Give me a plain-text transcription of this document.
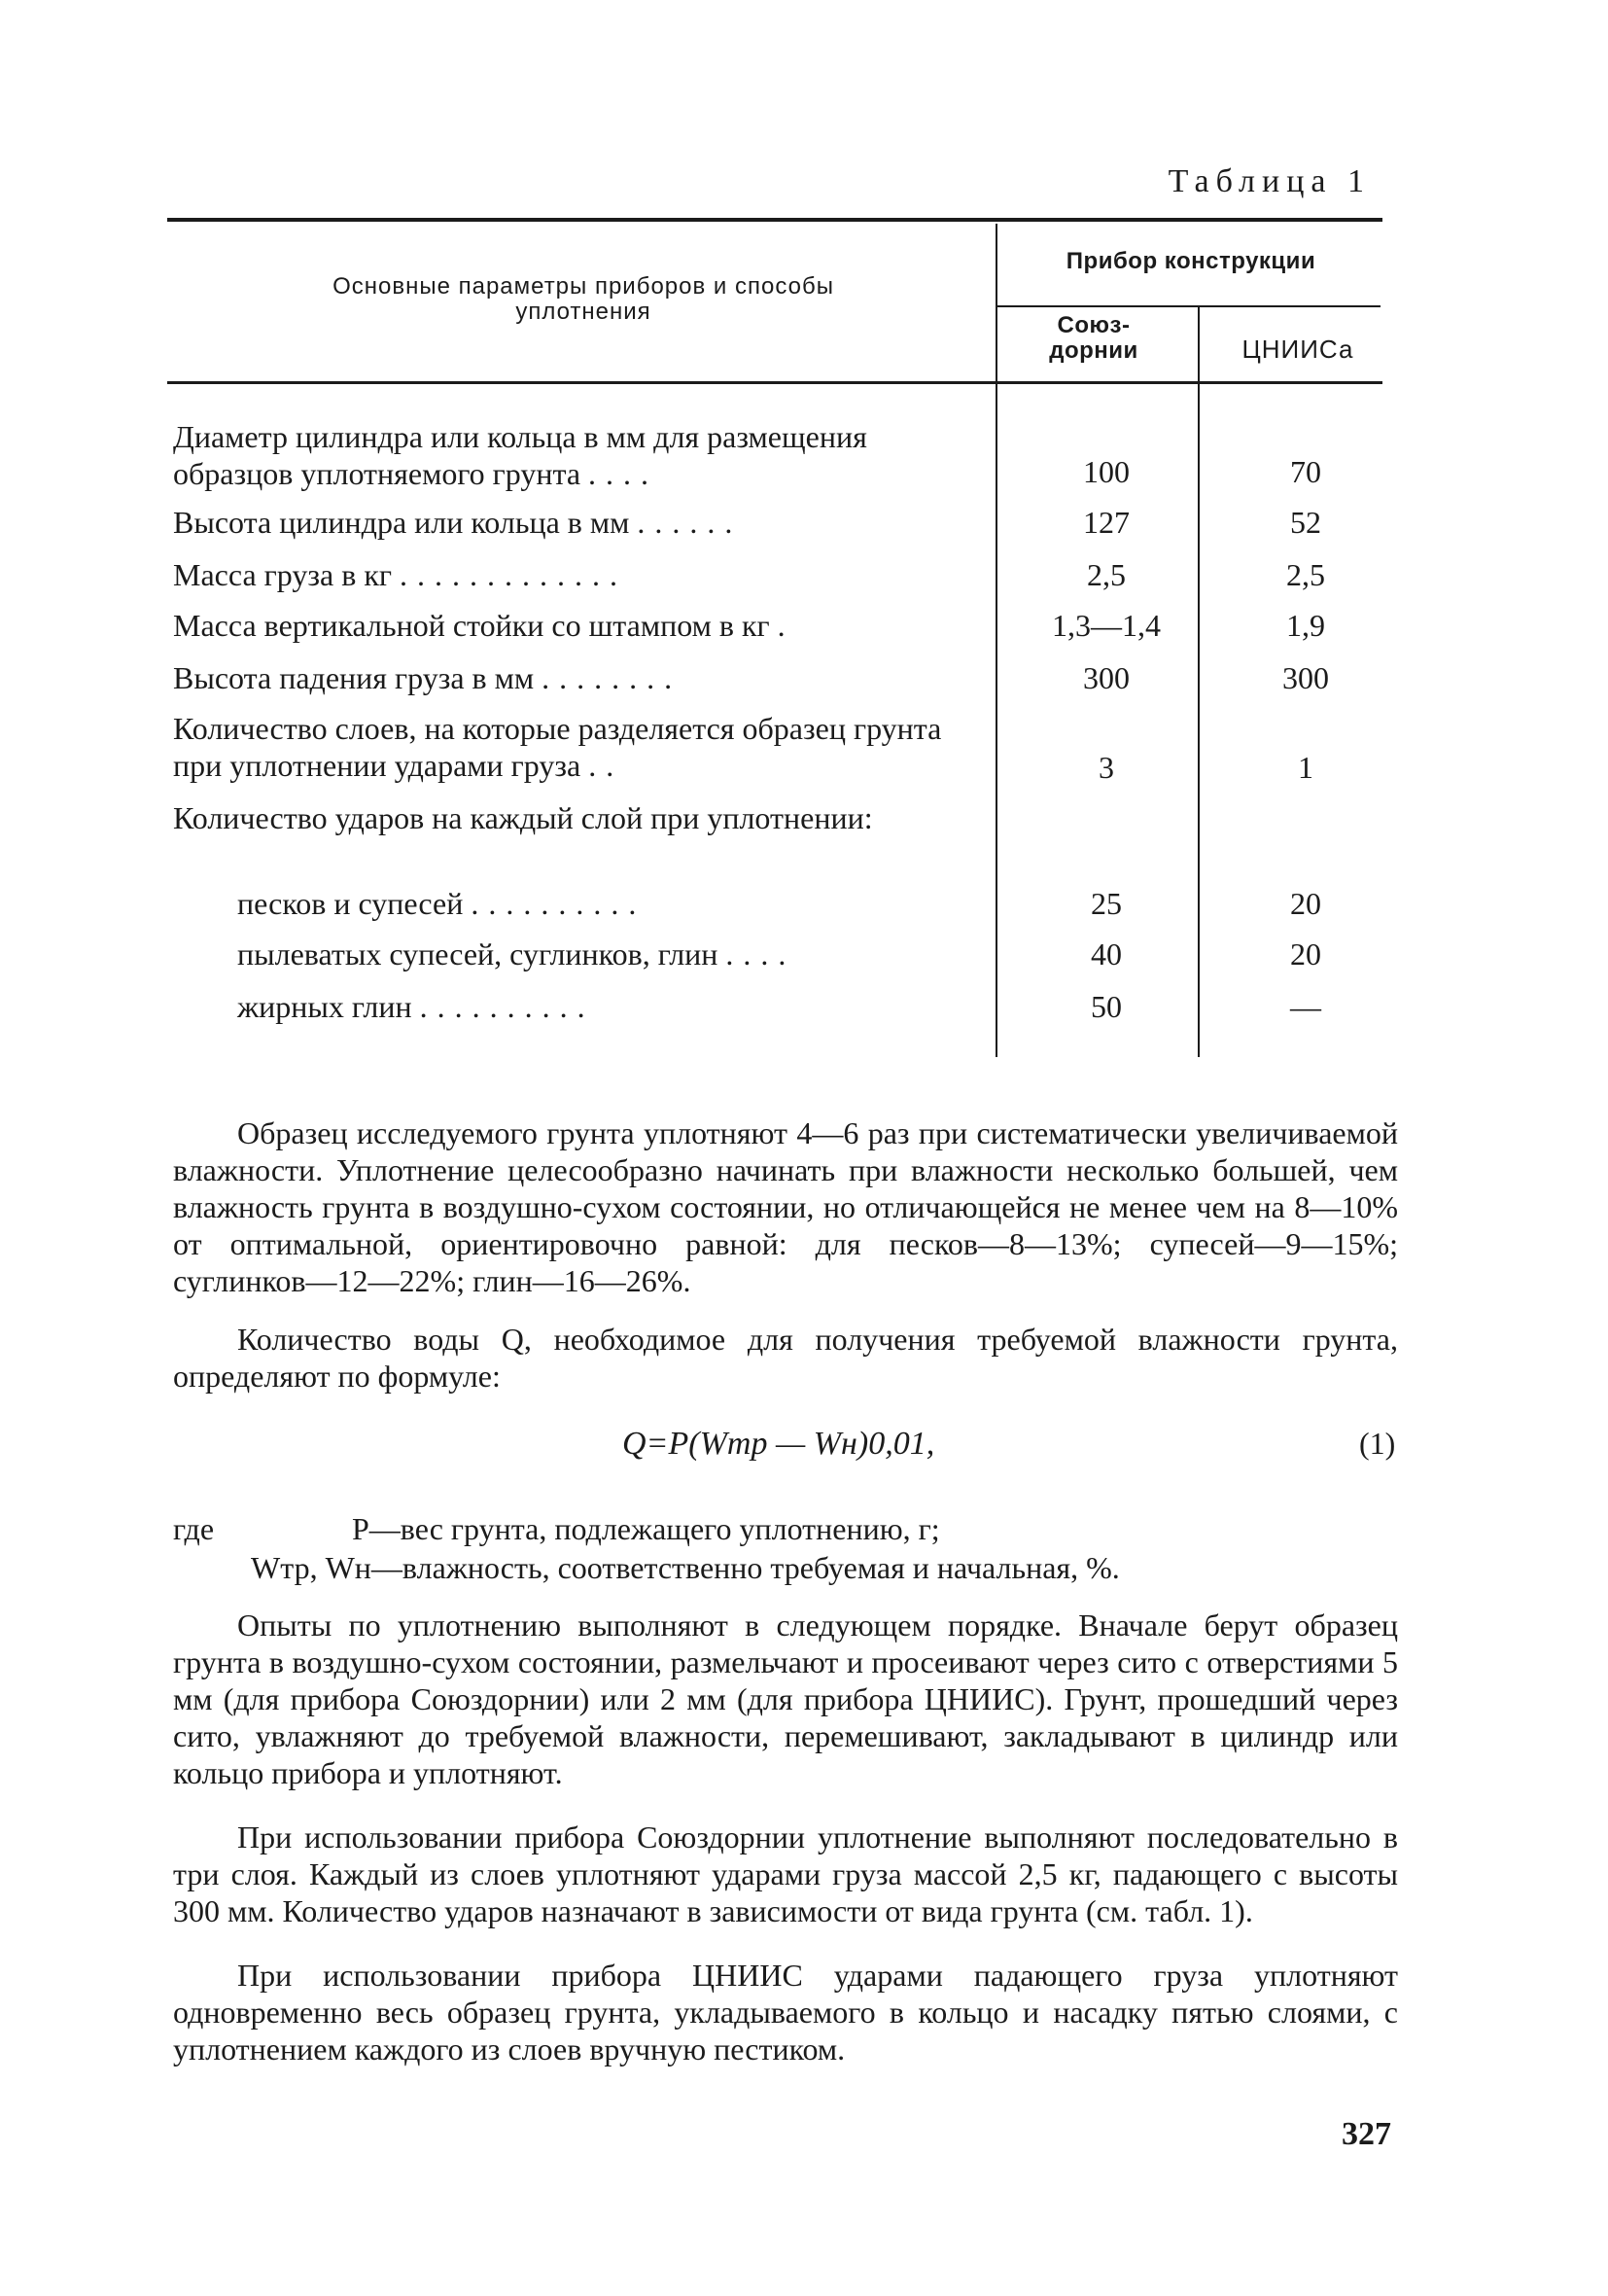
Таблица 1
Основные параметры приборов и способы уплотнения
Прибор конструкции
Союз- дорнии	ЦНИИСа
Диаметр цилиндра или кольца в мм для размещения образцов уплотняемого грунта ....	100	70
Высота цилиндра или кольца в мм ......	127	52
Масса груза в кг .............	2,5	2,5
Масса вертикальной стойки со штампом в кг .	1,3—1,4	1,9
Высота падения груза в мм ........	300	300
Количество слоев, на которые разделяется образец грунта при уплотнении ударами груза ..	3	1
Количество ударов на каждый слой при уплотнении:
песков и супесей ..........	25	20
пылеватых супесей, суглинков, глин ....	40	20
жирных глин ..........	50	—
Образец исследуемого грунта уплотняют 4—6 раз при систематически увеличиваемой влажности. Уплотнение целесообразно начинать при влажности несколько большей, чем влажность грунта в воздушно-сухом состоянии, но отличающейся не менее чем на 8—10% от оптимальной, ориентировочно равной: для песков—8—13%; супесей—9—15%; суглинков—12—22%; глин—16—26%.
Количество воды Q, необходимое для получения требуемой влажности грунта, определяют по формуле:
Q=P(Wтр — Wн)0,01,	(1)
где	P—вес грунта, подлежащего уплотнению, г;
Wтр, Wн—влажность, соответственно требуемая и начальная, %.
Опыты по уплотнению выполняют в следующем порядке. Вначале берут образец грунта в воздушно-сухом состоянии, размельчают и просеивают через сито с отверстиями 5 мм (для прибора Союздорнии) или 2 мм (для прибора ЦНИИС). Грунт, прошедший через сито, увлажняют до требуемой влажности, перемешивают, закладывают в цилиндр или кольцо прибора и уплотняют.
При использовании прибора Союздорнии уплотнение выполняют последовательно в три слоя. Каждый из слоев уплотняют ударами груза массой 2,5 кг, падающего с высоты 300 мм. Количество ударов назначают в зависимости от вида грунта (см. табл. 1).
При использовании прибора ЦНИИС ударами падающего груза уплотняют одновременно весь образец грунта, укладываемого в кольцо и насадку пятью слоями, с уплотнением каждого из слоев вручную пестиком.
327
